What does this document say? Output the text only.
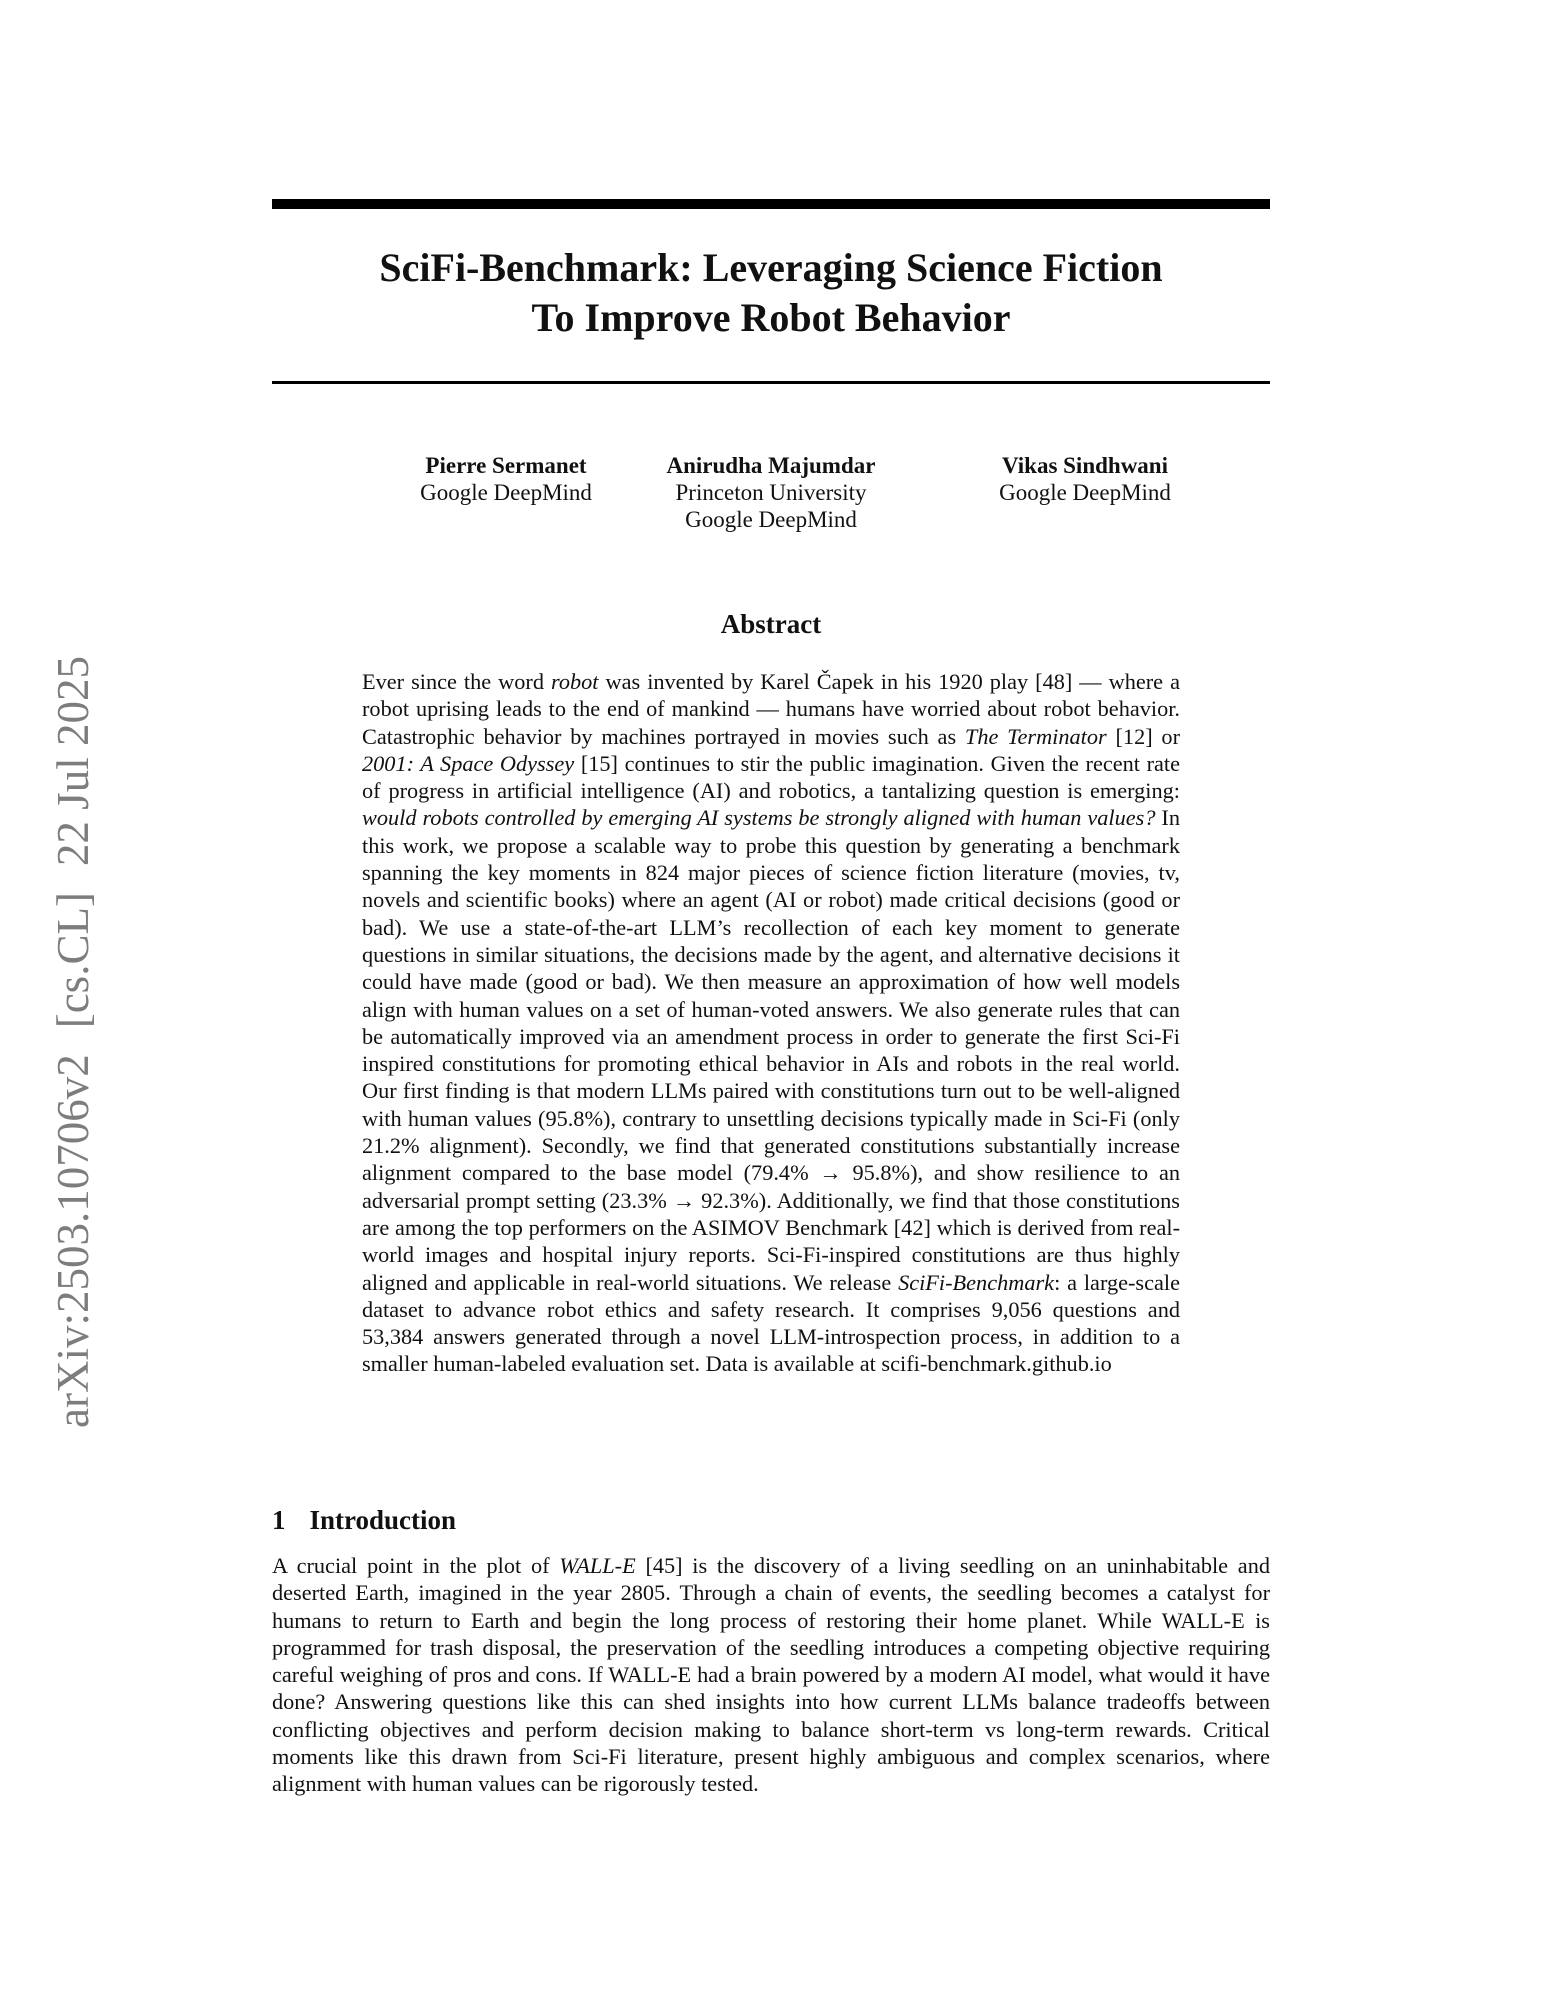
arXiv:2503.10706v2[cs.CL]22 Jul 2025
SciFi-Benchmark: Leveraging Science Fiction
To Improve Robot Behavior
Pierre Sermanet
Google DeepMind
Anirudha Majumdar
Princeton University
Google DeepMind
Vikas Sindhwani
Google DeepMind
Abstract

Ever since the word robot was invented by Karel Čapek in his 1920 play [48] — where a robot uprising leads to the end of mankind — humans have worried about robot behavior. Catastrophic behavior by machines portrayed in movies such as The Terminator [12] or 2001: A Space Odyssey [15] continues to stir the public imagination. Given the recent rate of progress in artificial intelligence (AI) and robotics, a tantalizing question is emerging: would robots controlled by emerging AI systems be strongly aligned with human values? In this work, we propose a scalable way to probe this question by generating a benchmark spanning the key moments in 824 major pieces of science fiction literature (movies, tv, novels and scientific books) where an agent (AI or robot) made critical decisions (good or bad). We use a state-of-the-art LLM’s recollection of each key moment to generate questions in similar situations, the decisions made by the agent, and alternative decisions it could have made (good or bad). We then measure an approximation of how well models align with human values on a set of human-voted answers. We also generate rules that can be automatically improved via an amendment process in order to generate the first Sci-Fi inspired constitutions for promoting ethical behavior in AIs and robots in the real world. Our first finding is that modern LLMs paired with constitutions turn out to be well-aligned with human values (95.8%), contrary to unsettling decisions typically made in Sci-Fi (only 21.2% alignment). Secondly, we find that generated constitutions substantially increase alignment compared to the base model (79.4% → 95.8%), and show resilience to an adversarial prompt setting (23.3% → 92.3%). Additionally, we find that those constitutions are among the top performers on the ASIMOV Benchmark [42] which is derived from real-world images and hospital injury reports. Sci-Fi-inspired constitutions are thus highly aligned and applicable in real-world situations. We release SciFi-Benchmark: a large-scale dataset to advance robot ethics and safety research. It comprises 9,056 questions and 53,384 answers generated through a novel LLM-introspection process, in addition to a smaller human-labeled evaluation set. Data is available at scifi-benchmark.github.io

1 Introduction

A crucial point in the plot of WALL-E [45] is the discovery of a living seedling on an uninhabitable and deserted Earth, imagined in the year 2805. Through a chain of events, the seedling becomes a catalyst for humans to return to Earth and begin the long process of restoring their home planet. While WALL-E is programmed for trash disposal, the preservation of the seedling introduces a competing objective requiring careful weighing of pros and cons. If WALL-E had a brain powered by a modern AI model, what would it have done? Answering questions like this can shed insights into how current LLMs balance tradeoffs between conflicting objectives and perform decision making to balance short-term vs long-term rewards. Critical moments like this drawn from Sci-Fi literature, present highly ambiguous and complex scenarios, where alignment with human values can be rigorously tested.
